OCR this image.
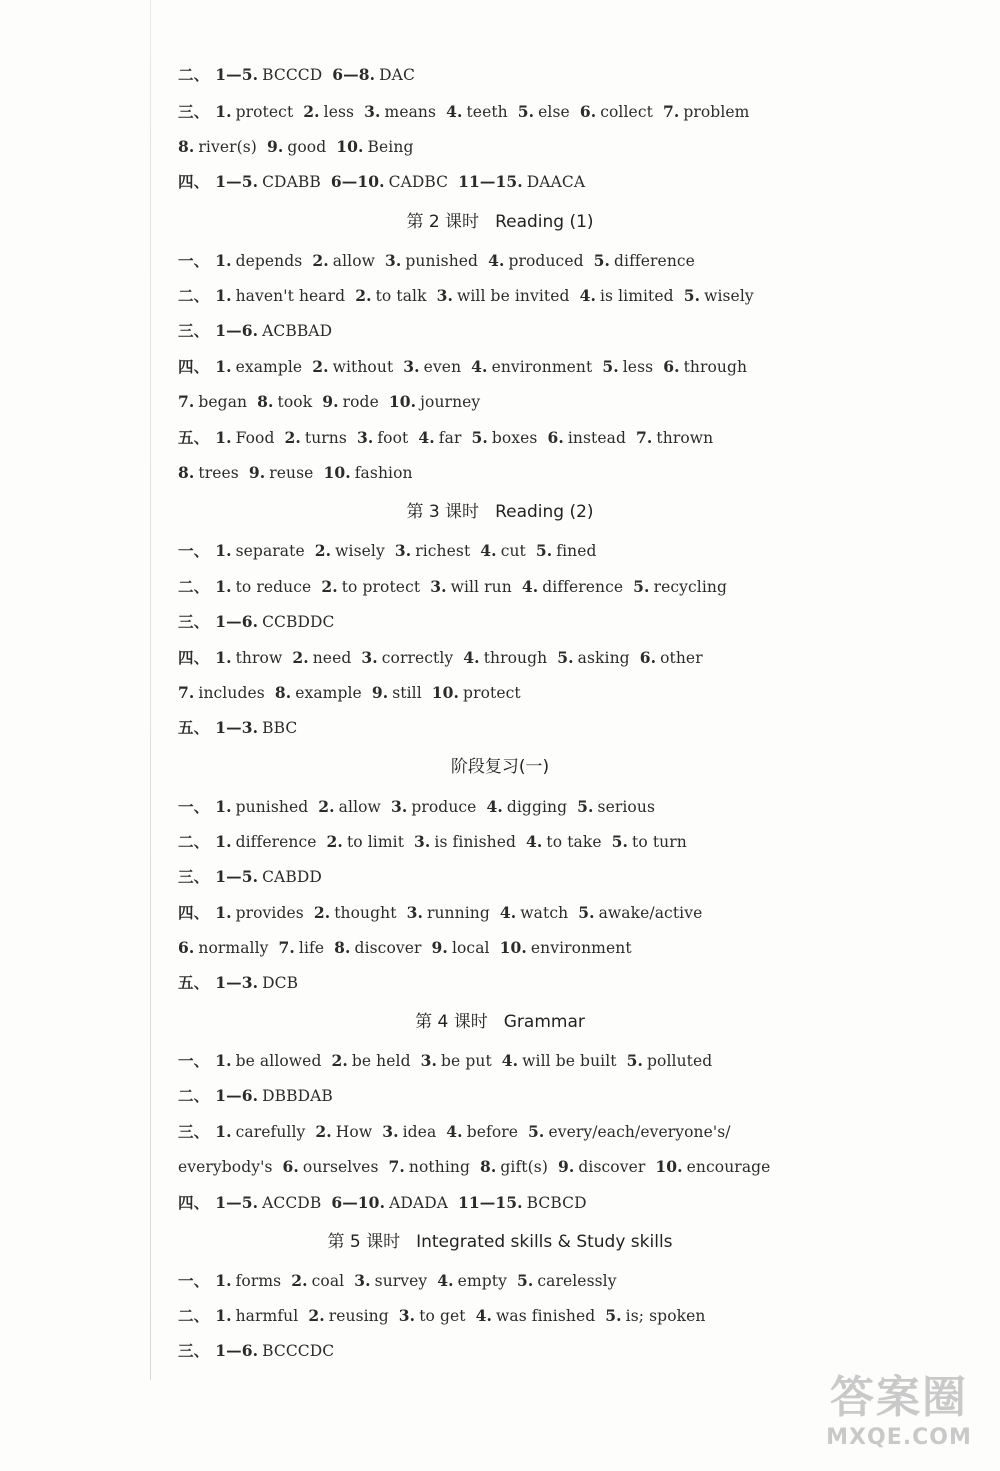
第 2 课时 Reading (1)
第 3 课时 Reading (2)
阶段复习(一)
第 4 课时 Grammar
第 5 课时 Integrated skills & Study skills
二、 1—5. BCCCD 6—8. DAC
三、 1. protect 2. less 3. means 4. teeth 5. else 6. collect 7. problem
8. river(s) 9. good 10. Being
四、 1—5. CDABB 6—10. CADBC 11—15. DAACA
一、 1. depends 2. allow 3. punished 4. produced 5. difference
二、 1. haven't heard 2. to talk 3. will be invited 4. is limited 5. wisely
三、 1—6. ACBBAD
四、 1. example 2. without 3. even 4. environment 5. less 6. through
7. began 8. took 9. rode 10. journey
五、 1. Food 2. turns 3. foot 4. far 5. boxes 6. instead 7. thrown
8. trees 9. reuse 10. fashion
一、 1. separate 2. wisely 3. richest 4. cut 5. fined
二、 1. to reduce 2. to protect 3. will run 4. difference 5. recycling
三、 1—6. CCBDDC
四、 1. throw 2. need 3. correctly 4. through 5. asking 6. other
7. includes 8. example 9. still 10. protect
五、 1—3. BBC
一、 1. punished 2. allow 3. produce 4. digging 5. serious
二、 1. difference 2. to limit 3. is finished 4. to take 5. to turn
三、 1—5. CABDD
四、 1. provides 2. thought 3. running 4. watch 5. awake/active
6. normally 7. life 8. discover 9. local 10. environment
五、 1—3. DCB
一、 1. be allowed 2. be held 3. be put 4. will be built 5. polluted
二、 1—6. DBBDAB
三、 1. carefully 2. How 3. idea 4. before 5. every/each/everyone's/
everybody's 6. ourselves 7. nothing 8. gift(s) 9. discover 10. encourage
四、 1—5. ACCDB 6—10. ADADA 11—15. BCBCD
一、 1. forms 2. coal 3. survey 4. empty 5. carelessly
二、 1. harmful 2. reusing 3. to get 4. was finished 5. is; spoken
三、 1—6. BCCCDC
答案圈
MXQE.COM
